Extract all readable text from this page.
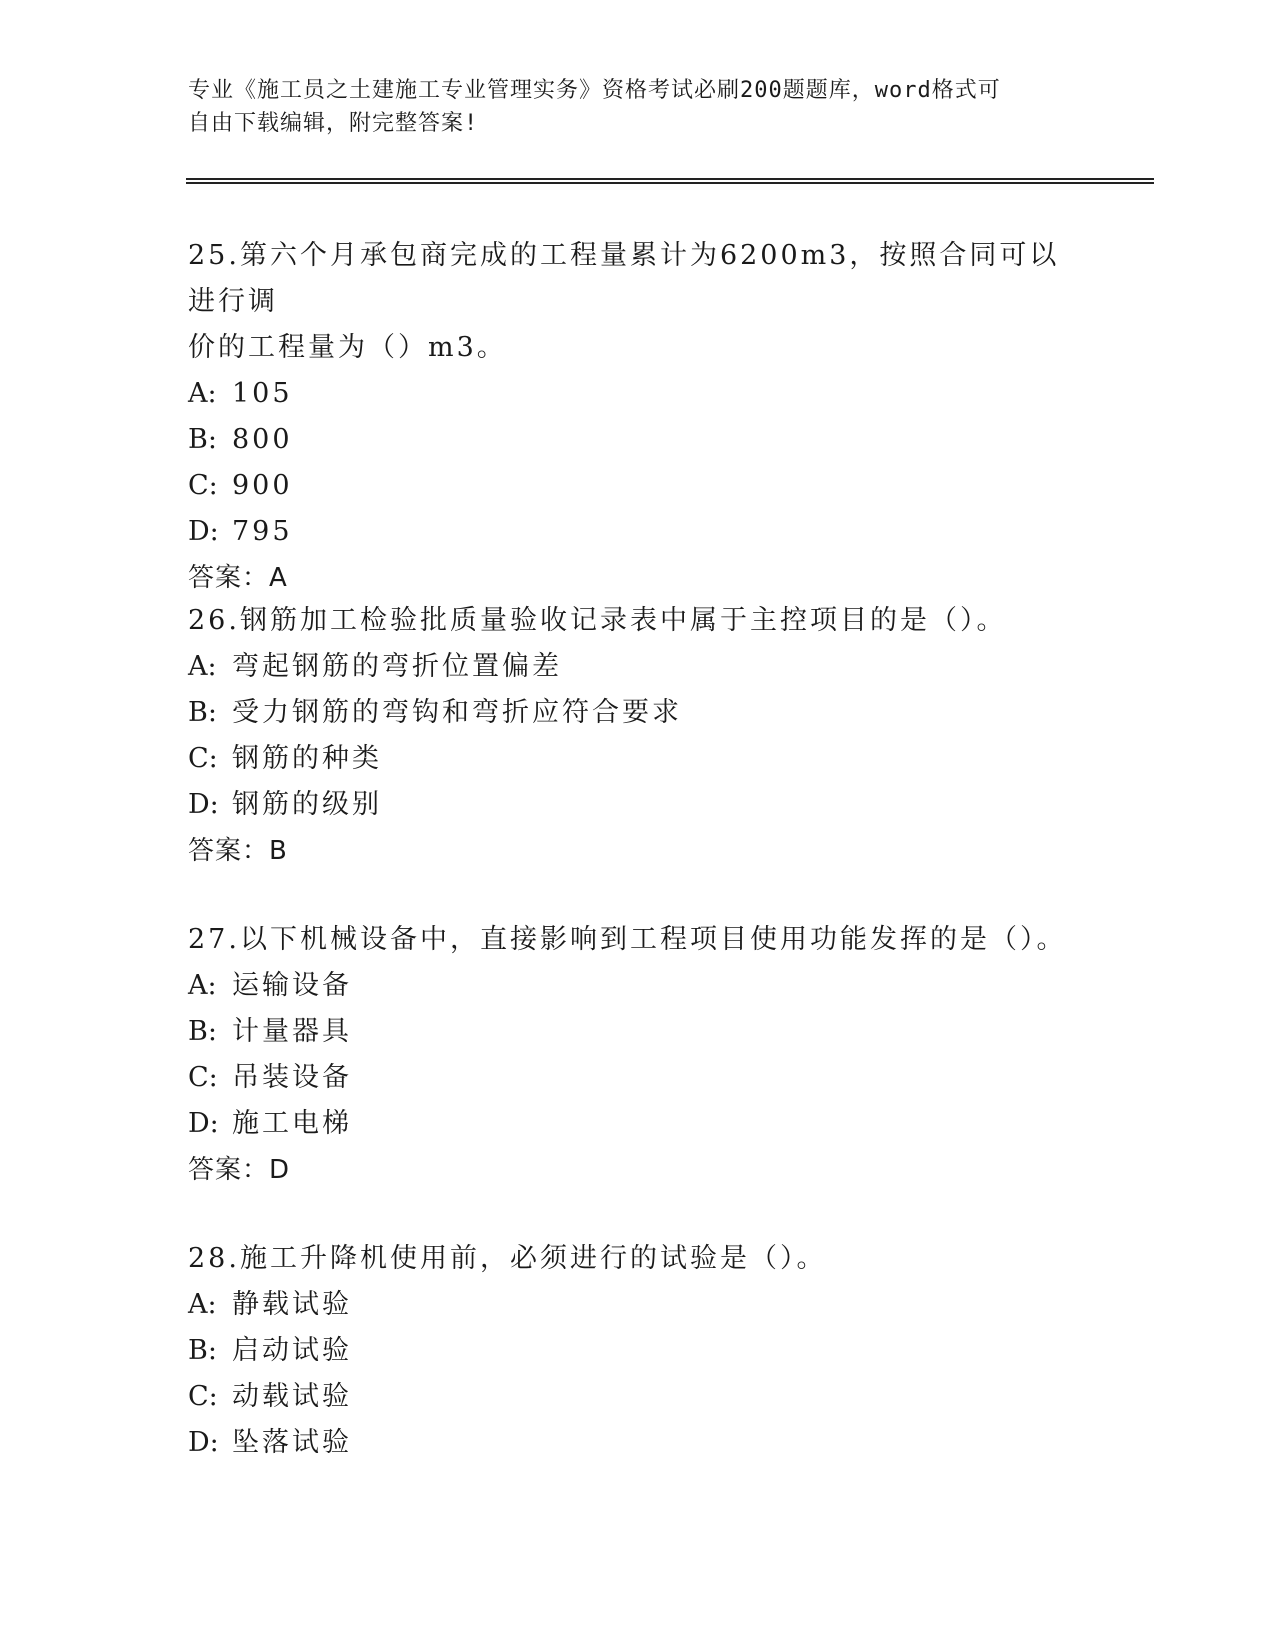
专业《施工员之土建施工专业管理实务》资格考试必刷200题题库，word格式可
自由下载编辑，附完整答案!

25.第六个月承包商完成的工程量累计为6200m3，按照合同可以进行调
价的工程量为（）m3。

A: 105

B: 800

C: 900

D: 795

答案：A

26.钢筋加工检验批质量验收记录表中属于主控项目的是（）。

A: 弯起钢筋的弯折位置偏差

B: 受力钢筋的弯钩和弯折应符合要求

C: 钢筋的种类

D: 钢筋的级别

答案：B

27.以下机械设备中，直接影响到工程项目使用功能发挥的是（）。

A: 运输设备

B: 计量器具

C: 吊装设备

D: 施工电梯

答案：D

28.施工升降机使用前，必须进行的试验是（）。

A: 静载试验

B: 启动试验

C: 动载试验

D: 坠落试验
